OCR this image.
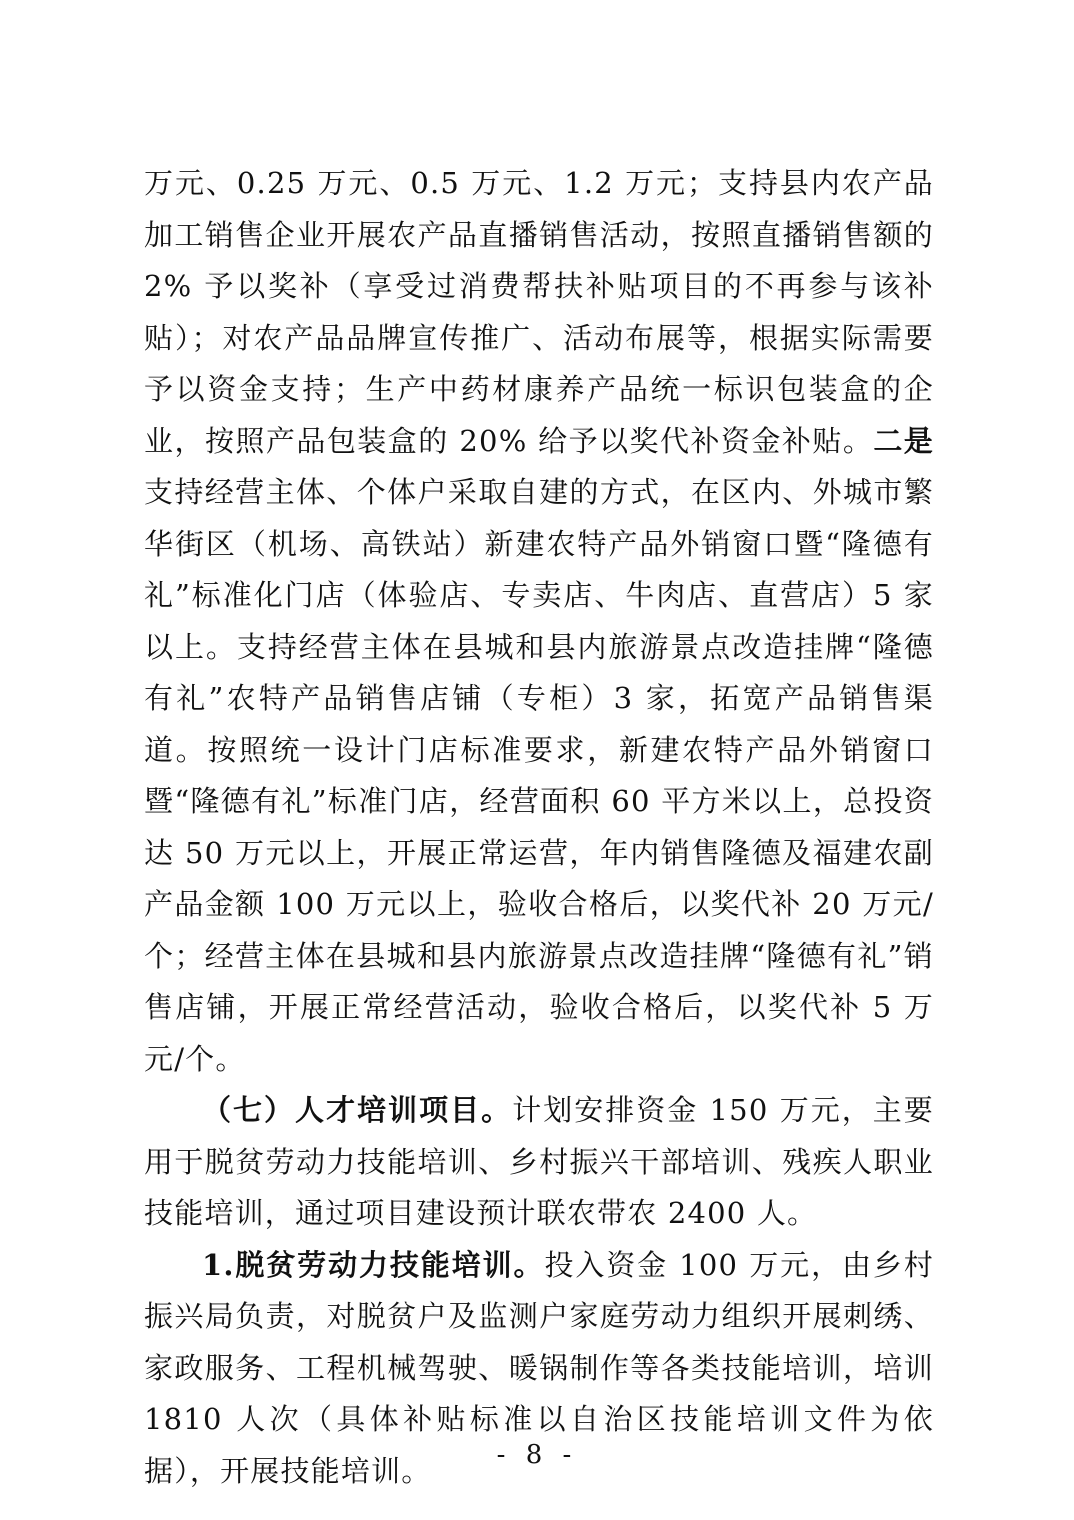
万元、0.25 万元、0.5 万元、1.2 万元；支持县内农产品加工销售企业开展农产品直播销售活动，按照直播销售额的 2% 予以奖补（享受过消费帮扶补贴项目的不再参与该补贴）；对农产品品牌宣传推广、活动布展等，根据实际需要予以资金支持；生产中药材康养产品统一标识包装盒的企业，按照产品包装盒的 20% 给予以奖代补资金补贴。二是支持经营主体、个体户采取自建的方式，在区内、外城市繁华街区（机场、高铁站）新建农特产品外销窗口暨“隆德有礼”标准化门店（体验店、专卖店、牛肉店、直营店）5 家以上。支持经营主体在县城和县内旅游景点改造挂牌“隆德有礼”农特产品销售店铺（专柜）3 家，拓宽产品销售渠道。按照统一设计门店标准要求，新建农特产品外销窗口暨“隆德有礼”标准门店，经营面积 60 平方米以上，总投资达 50 万元以上，开展正常运营，年内销售隆德及福建农副产品金额 100 万元以上，验收合格后，以奖代补 20 万元/个；经营主体在县城和县内旅游景点改造挂牌“隆德有礼”销售店铺，开展正常经营活动，验收合格后，以奖代补 5 万元/个。

（七）人才培训项目。计划安排资金 150 万元，主要用于脱贫劳动力技能培训、乡村振兴干部培训、残疾人职业技能培训，通过项目建设预计联农带农 2400 人。

1.脱贫劳动力技能培训。投入资金 100 万元，由乡村振兴局负责，对脱贫户及监测户家庭劳动力组织开展刺绣、家政服务、工程机械驾驶、暖锅制作等各类技能培训，培训 1810 人次（具体补贴标准以自治区技能培训文件为依据），开展技能培训。	- 8 -
